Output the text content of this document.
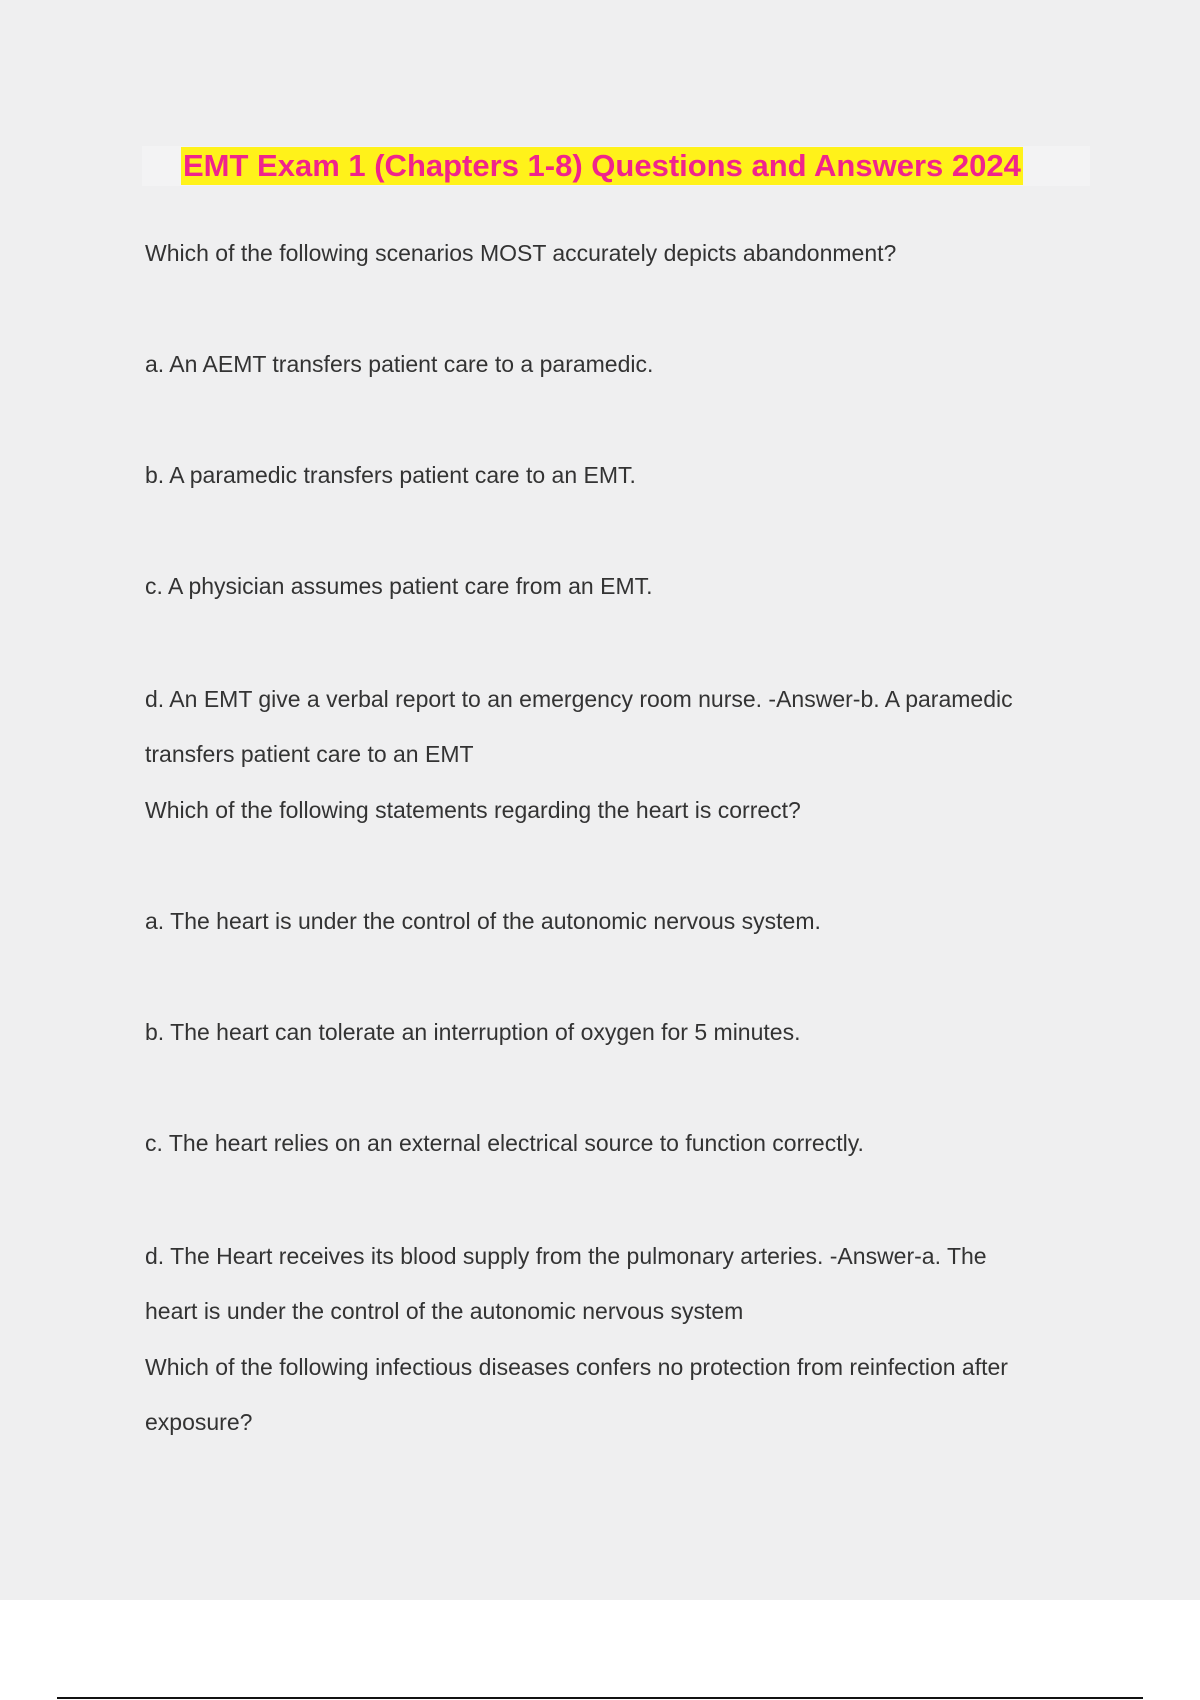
EMT Exam 1 (Chapters 1-8) Questions and Answers 2024
Which of the following scenarios MOST accurately depicts abandonment?
a. An AEMT transfers patient care to a paramedic.
b. A paramedic transfers patient care to an EMT.
c. A physician assumes patient care from an EMT.
d. An EMT give a verbal report to an emergency room nurse. -Answer-b. A paramedic
transfers patient care to an EMT
Which of the following statements regarding the heart is correct?
a. The heart is under the control of the autonomic nervous system.
b. The heart can tolerate an interruption of oxygen for 5 minutes.
c. The heart relies on an external electrical source to function correctly.
d. The Heart receives its blood supply from the pulmonary arteries. -Answer-a. The
heart is under the control of the autonomic nervous system
Which of the following infectious diseases confers no protection from reinfection after
exposure?
